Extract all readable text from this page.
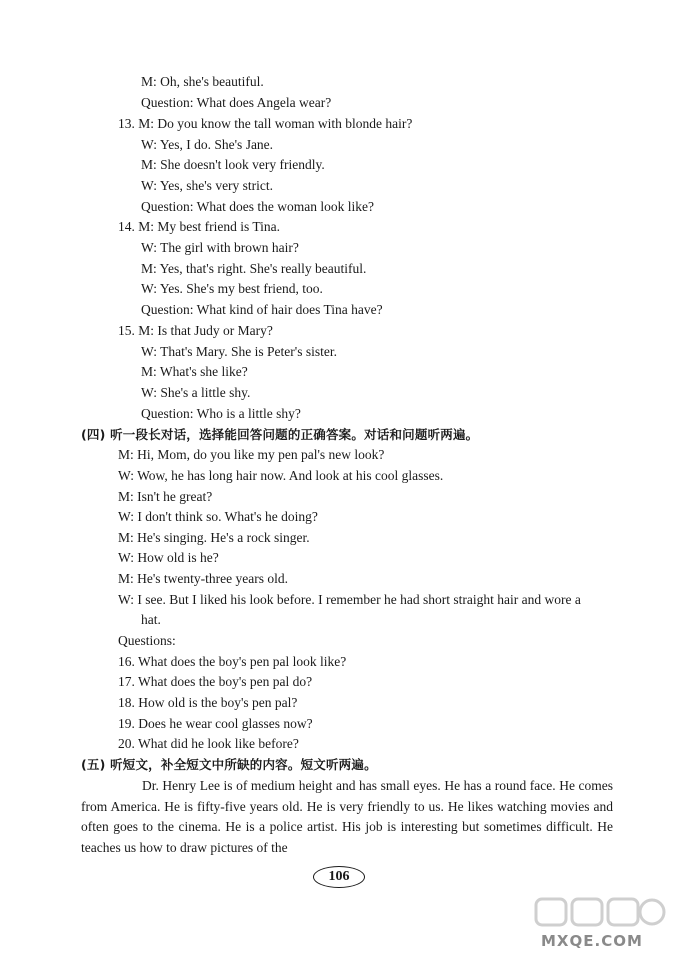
M: Oh, she's beautiful.
Question: What does Angela wear?
13. M: Do you know the tall woman with blonde hair?
W: Yes, I do. She's Jane.
M: She doesn't look very friendly.
W: Yes, she's very strict.
Question: What does the woman look like?
14. M: My best friend is Tina.
W: The girl with brown hair?
M: Yes, that's right. She's really beautiful.
W: Yes. She's my best friend, too.
Question: What kind of hair does Tina have?
15. M: Is that Judy or Mary?
W: That's Mary. She is Peter's sister.
M: What's she like?
W: She's a little shy.
Question: Who is a little shy?
(四) 听一段长对话，选择能回答问题的正确答案。对话和问题听两遍。
M: Hi, Mom, do you like my pen pal's new look?
W: Wow, he has long hair now. And look at his cool glasses.
M: Isn't he great?
W: I don't think so. What's he doing?
M: He's singing. He's a rock singer.
W: How old is he?
M: He's twenty-three years old.
W: I see. But I liked his look before. I remember he had short straight hair and wore a
hat.
Questions:
16. What does the boy's pen pal look like?
17. What does the boy's pen pal do?
18. How old is the boy's pen pal?
19. Does he wear cool glasses now?
20. What did he look like before?
(五) 听短文，补全短文中所缺的内容。短文听两遍。
Dr. Henry Lee is of medium height and has small eyes. He has a round face. He comes from America. He is fifty-five years old. He is very friendly to us. He likes watching movies and often goes to the cinema. He is a police artist. His job is interesting but sometimes difficult. He teaches us how to draw pictures of the
106
MXQE.COM
